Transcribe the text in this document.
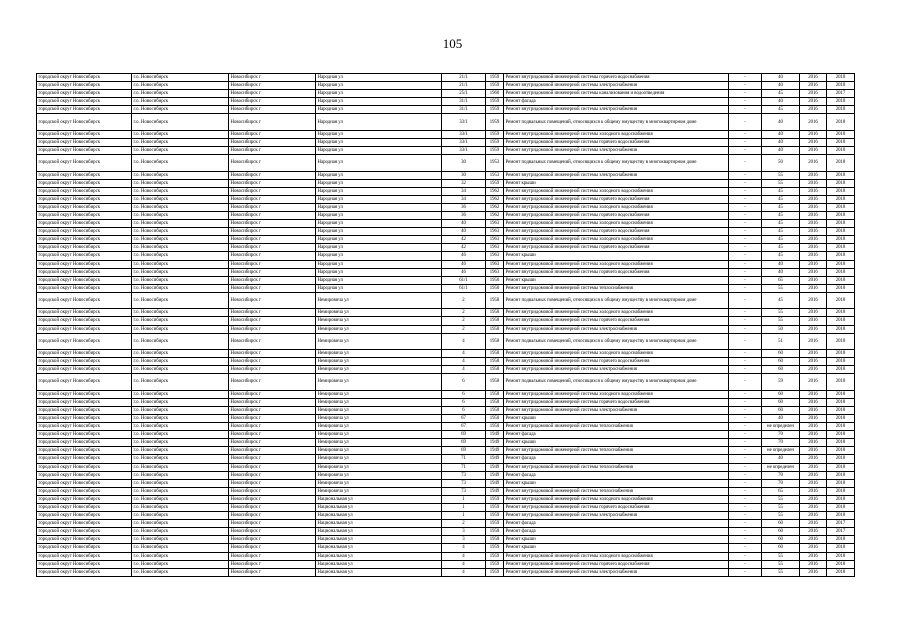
105
городской округ Новосибирск	г.о. Новосибирск	Новосибирск г	Народная ул	21/1	1959	Ремонт внутридомовой инженерной системы горячего водоснабжения	-	40	2016	2018
городской округ Новосибирск	г.о. Новосибирск	Новосибирск г	Народная ул	21/1	1959	Ремонт внутридомовой инженерной системы электроснабжения	-	40	2016	2018
городской округ Новосибирск	г.о. Новосибирск	Новосибирск г	Народная ул	25/1	1960	Ремонт внутридомовой инженерной системы канализования и водоотведения	-	45	2016	2017
городской округ Новосибирск	г.о. Новосибирск	Новосибирск г	Народная ул	31/1	1959	Ремонт фасада	-	40	2016	2018
городской округ Новосибирск	г.о. Новосибирск	Новосибирск г	Народная ул	31/1	1959	Ремонт внутридомовой инженерной системы электроснабжения	-	45	2016	2018
городской округ Новосибирск	г.о. Новосибирск	Новосибирск г	Народная ул	33/1	1959	Ремонт подвальных помещений, относящихся к общему имуществу в многоквартирном доме	-	40	2016	2018
городской округ Новосибирск	г.о. Новосибирск	Новосибирск г	Народная ул	33/1	1959	Ремонт внутридомовой инженерной системы холодного водоснабжения	-	40	2016	2018
городской округ Новосибирск	г.о. Новосибирск	Новосибирск г	Народная ул	33/1	1959	Ремонт внутридомовой инженерной системы горячего водоснабжения	-	40	2016	2018
городской округ Новосибирск	г.о. Новосибирск	Новосибирск г	Народная ул	33/1	1959	Ремонт внутридомовой инженерной системы электроснабжения	-	40	2016	2018
городской округ Новосибирск	г.о. Новосибирск	Новосибирск г	Народная ул	30	1953	Ремонт подвальных помещений, относящихся к общему имуществу в многоквартирном доме	-	50	2016	2018
городской округ Новосибирск	г.о. Новосибирск	Новосибирск г	Народная ул	30	1953	Ремонт внутридомовой инженерной системы электроснабжения	-	55	2016	2018
городской округ Новосибирск	г.о. Новосибирск	Новосибирск г	Народная ул	32	1959	Ремонт крыши	-	55	2016	2018
городской округ Новосибирск	г.о. Новосибирск	Новосибирск г	Народная ул	34	1962	Ремонт внутридомовой инженерной системы холодного водоснабжения	-	45	2016	2018
городской округ Новосибирск	г.о. Новосибирск	Новосибирск г	Народная ул	34	1962	Ремонт внутридомовой инженерной системы горячего водоснабжения	-	45	2016	2018
городской округ Новосибирск	г.о. Новосибирск	Новосибирск г	Народная ул	36	1962	Ремонт внутридомовой инженерной системы холодного водоснабжения	-	45	2016	2018
городской округ Новосибирск	г.о. Новосибирск	Новосибирск г	Народная ул	36	1962	Ремонт внутридомовой инженерной системы горячего водоснабжения	-	45	2016	2018
городской округ Новосибирск	г.о. Новосибирск	Новосибирск г	Народная ул	40	1963	Ремонт внутридомовой инженерной системы холодного водоснабжения	-	45	2016	2018
городской округ Новосибирск	г.о. Новосибирск	Новосибирск г	Народная ул	40	1963	Ремонт внутридомовой инженерной системы горячего водоснабжения	-	45	2016	2018
городской округ Новосибирск	г.о. Новосибирск	Новосибирск г	Народная ул	42	1963	Ремонт внутридомовой инженерной системы холодного водоснабжения	-	45	2016	2018
городской округ Новосибирск	г.о. Новосибирск	Новосибирск г	Народная ул	42	1963	Ремонт внутридомовой инженерной системы горячего водоснабжения	-	45	2016	2018
городской округ Новосибирск	г.о. Новосибирск	Новосибирск г	Народная ул	46	1963	Ремонт крыши	-	45	2016	2018
городской округ Новосибирск	г.о. Новосибирск	Новосибирск г	Народная ул	46	1963	Ремонт внутридомовой инженерной системы холодного водоснабжения	-	40	2016	2018
городской округ Новосибирск	г.о. Новосибирск	Новосибирск г	Народная ул	46	1963	Ремонт внутридомовой инженерной системы горячего водоснабжения	-	40	2016	2018
городской округ Новосибирск	г.о. Новосибирск	Новосибирск г	Народная ул	61/1	1950	Ремонт крыши	-	65	2016	2018
городской округ Новосибирск	г.о. Новосибирск	Новосибирск г	Народная ул	61/1	1950	Ремонт внутридомовой инженерной системы теплоснабжения	-	55	2016	2018
городской округ Новосибирск	г.о. Новосибирск	Новосибирск г	Немировича ул	2	1958	Ремонт подвальных помещений, относящихся к общему имуществу в многоквартирном доме	-	45	2016	2018
городской округ Новосибирск	г.о. Новосибирск	Новосибирск г	Немировича ул	2	1958	Ремонт внутридомовой инженерной системы холодного водоснабжения	-	55	2016	2018
городской округ Новосибирск	г.о. Новосибирск	Новосибирск г	Немировича ул	2	1958	Ремонт внутридомовой инженерной системы горячего водоснабжения	-	55	2016	2018
городской округ Новосибирск	г.о. Новосибирск	Новосибирск г	Немировича ул	2	1958	Ремонт внутридомовой инженерной системы электроснабжения	-	50	2016	2018
городской округ Новосибирск	г.о. Новосибирск	Новосибирск г	Немировича ул	4	1958	Ремонт подвальных помещений, относящихся к общему имуществу в многоквартирном доме	-	51	2016	2018
городской округ Новосибирск	г.о. Новосибирск	Новосибирск г	Немировича ул	4	1958	Ремонт внутридомовой инженерной системы холодного водоснабжения	-	60	2016	2018
городской округ Новосибирск	г.о. Новосибирск	Новосибирск г	Немировича ул	4	1958	Ремонт внутридомовой инженерной системы горячего водоснабжения	-	60	2016	2018
городской округ Новосибирск	г.о. Новосибирск	Новосибирск г	Немировича ул	4	1958	Ремонт внутридомовой инженерной системы электроснабжения	-	60	2016	2018
городской округ Новосибирск	г.о. Новосибирск	Новосибирск г	Немировича ул	6	1958	Ремонт подвальных помещений, относящихся к общему имуществу в многоквартирном доме	-	59	2016	2018
городской округ Новосибирск	г.о. Новосибирск	Новосибирск г	Немировича ул	6	1958	Ремонт внутридомовой инженерной системы холодного водоснабжения	-	60	2016	2018
городской округ Новосибирск	г.о. Новосибирск	Новосибирск г	Немировича ул	6	1958	Ремонт внутридомовой инженерной системы горячего водоснабжения	-	60	2016	2018
городской округ Новосибирск	г.о. Новосибирск	Новосибирск г	Немировича ул	6	1958	Ремонт внутридомовой инженерной системы электроснабжения	-	60	2016	2018
городской округ Новосибирск	г.о. Новосибирск	Новосибирск г	Немировича ул	67	1950	Ремонт крыши	-	40	2016	2018
городской округ Новосибирск	г.о. Новосибирск	Новосибирск г	Немировича ул	67	1950	Ремонт внутридомовой инженерной системы теплоснабжения	-	не определен	2016	2018
городской округ Новосибирск	г.о. Новосибирск	Новосибирск г	Немировича ул	69	1949	Ремонт фасада	-	70	2016	2018
городской округ Новосибирск	г.о. Новосибирск	Новосибирск г	Немировича ул	69	1949	Ремонт крыши	-	70	2016	2018
городской округ Новосибирск	г.о. Новосибирск	Новосибирск г	Немировича ул	69	1949	Ремонт внутридомовой инженерной системы теплоснабжения	-	не определен	2016	2018
городской округ Новосибирск	г.о. Новосибирск	Новосибирск г	Немировича ул	71	1949	Ремонт фасада	-	40	2016	2018
городской округ Новосибирск	г.о. Новосибирск	Новосибирск г	Немировича ул	71	1949	Ремонт внутридомовой инженерной системы теплоснабжения	-	не определен	2016	2018
городской округ Новосибирск	г.о. Новосибирск	Новосибирск г	Немировича ул	73	1949	Ремонт фасада	-	70	2016	2018
городской округ Новосибирск	г.о. Новосибирск	Новосибирск г	Немировича ул	73	1949	Ремонт крыши	-	70	2016	2018
городской округ Новосибирск	г.о. Новосибирск	Новосибирск г	Немировича ул	73	1949	Ремонт внутридомовой инженерной системы теплоснабжения	-	65	2016	2018
городской округ Новосибирск	г.о. Новосибирск	Новосибирск г	Национальная ул	1	1959	Ремонт внутридомовой инженерной системы холодного водоснабжения	-	55	2016	2018
городской округ Новосибирск	г.о. Новосибирск	Новосибирск г	Национальная ул	1	1959	Ремонт внутридомовой инженерной системы горячего водоснабжения	-	55	2016	2018
городской округ Новосибирск	г.о. Новосибирск	Новосибирск г	Национальная ул	1	1959	Ремонт внутридомовой инженерной системы электроснабжения	-	55	2016	2018
городской округ Новосибирск	г.о. Новосибирск	Новосибирск г	Национальная ул	2	1959	Ремонт фасада	-	60	2016	2017
городской округ Новосибирск	г.о. Новосибирск	Новосибирск г	Национальная ул	3	1958	Ремонт фасада	-	60	2016	2017
городской округ Новосибирск	г.о. Новосибирск	Новосибирск г	Национальная ул	3	1958	Ремонт крыши	-	60	2016	2018
городской округ Новосибирск	г.о. Новосибирск	Новосибирск г	Национальная ул	4	1959	Ремонт крыши	-	60	2016	2018
городской округ Новосибирск	г.о. Новосибирск	Новосибирск г	Национальная ул	4	1959	Ремонт внутридомовой инженерной системы холодного водоснабжения	-	55	2016	2018
городской округ Новосибирск	г.о. Новосибирск	Новосибирск г	Национальная ул	4	1959	Ремонт внутридомовой инженерной системы горячего водоснабжения	-	55	2016	2018
городской округ Новосибирск	г.о. Новосибирск	Новосибирск г	Национальная ул	4	1959	Ремонт внутридомовой инженерной системы электроснабжения	-	55	2016	2018
